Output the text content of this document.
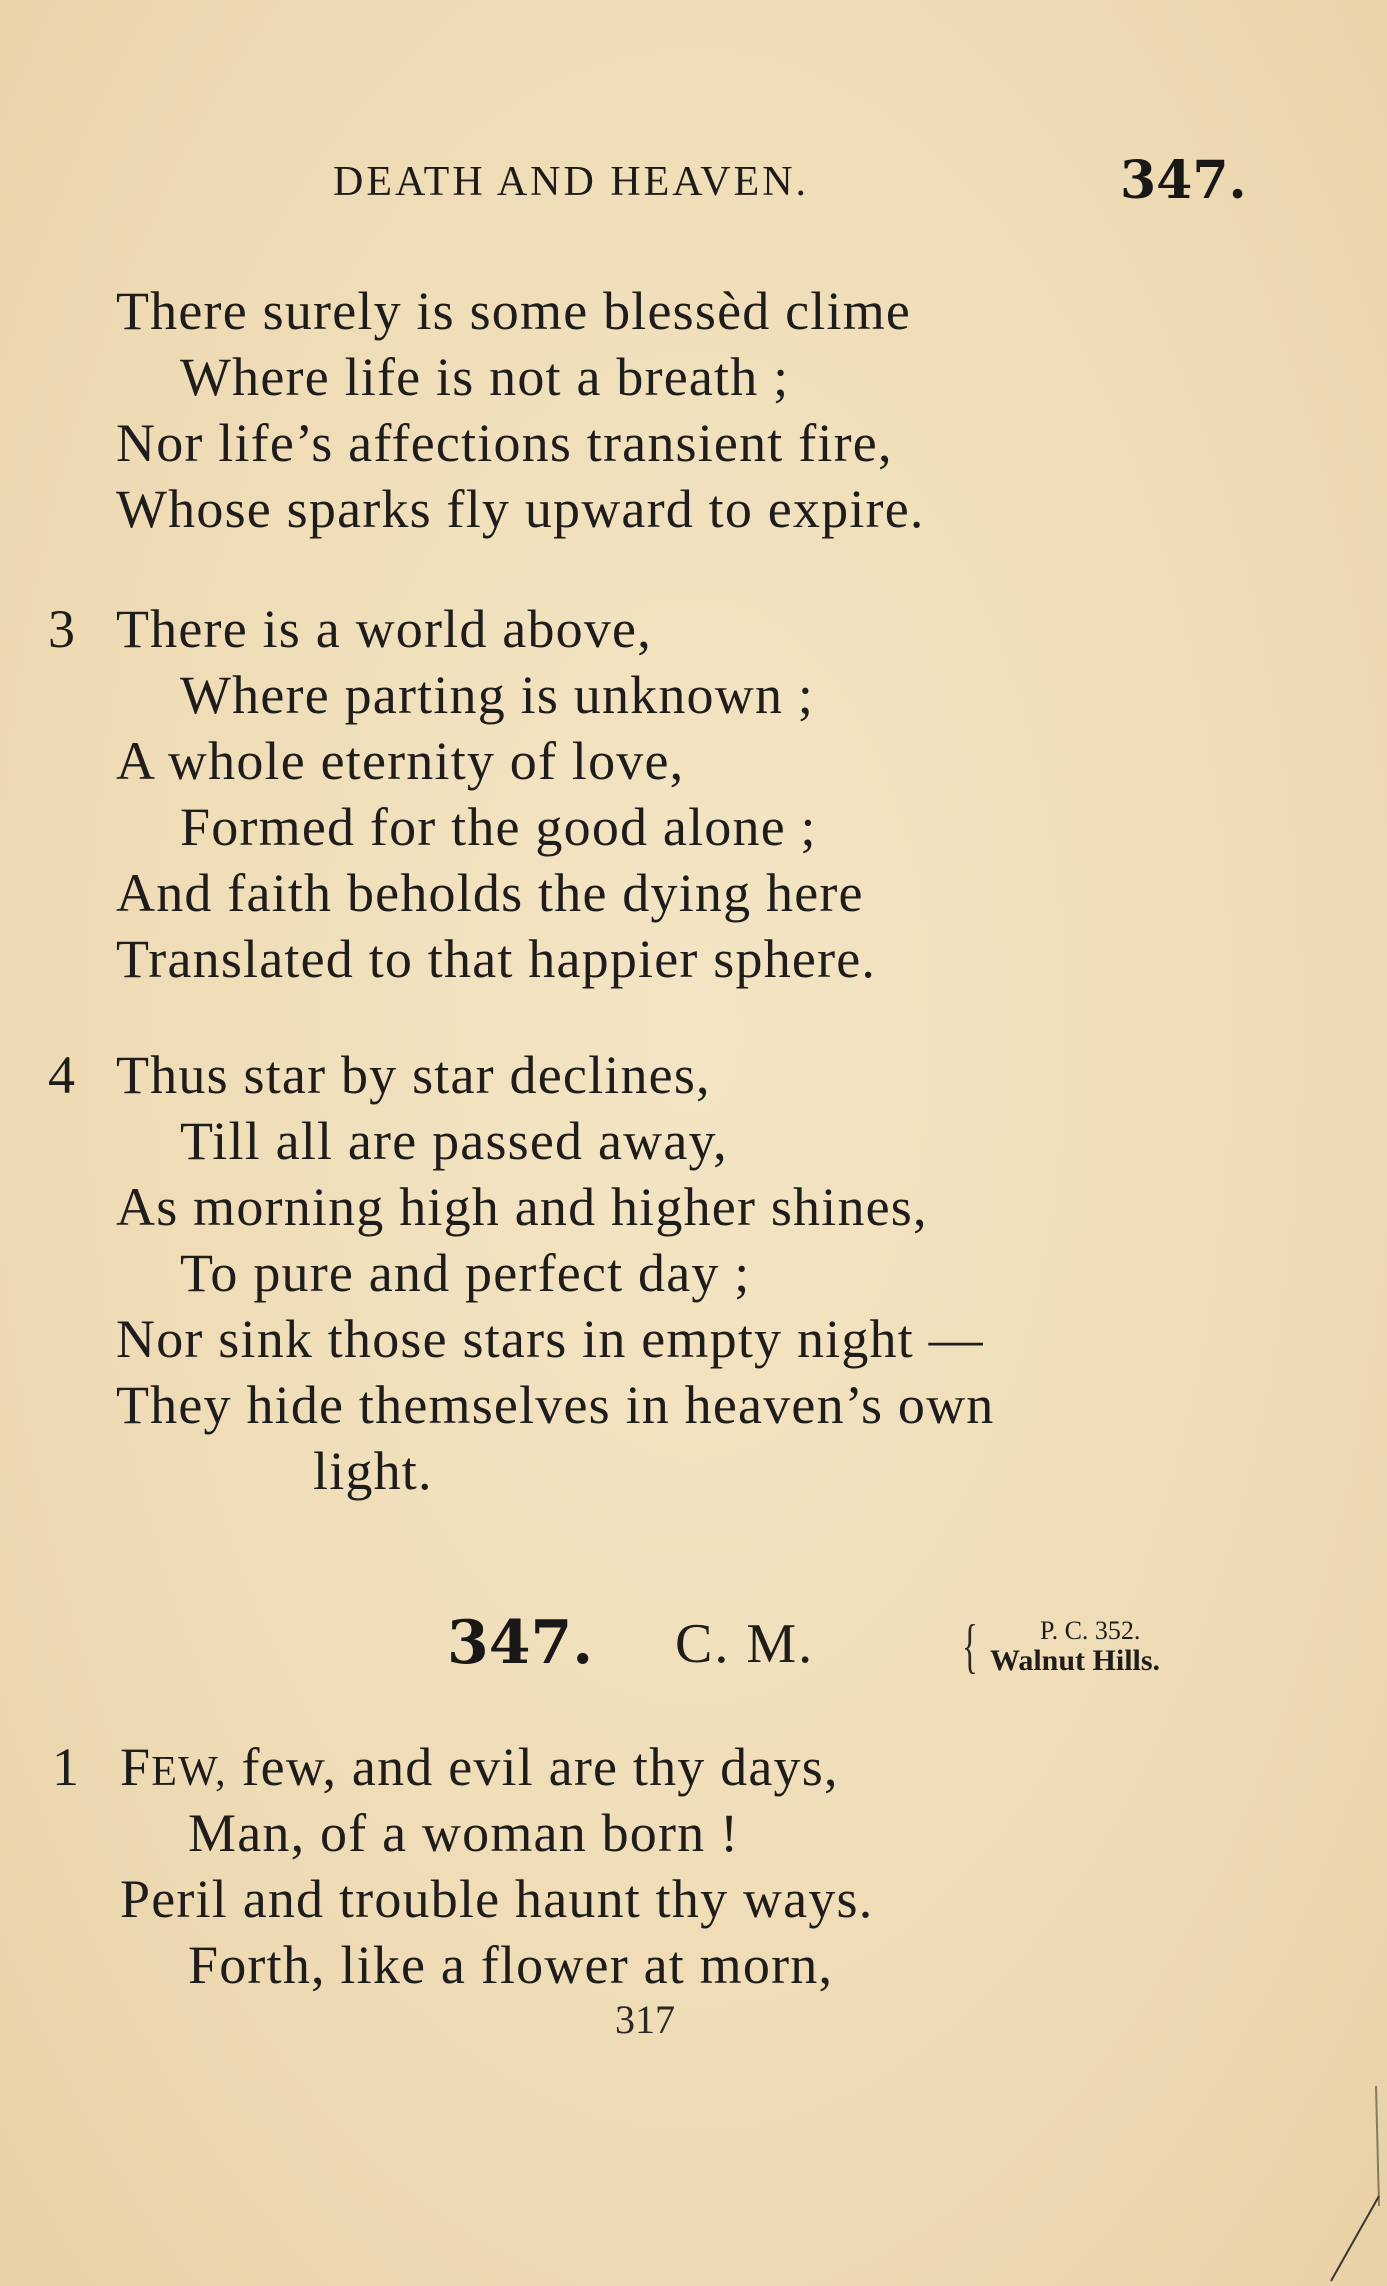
DEATH AND HEAVEN.	347.
There surely is some blessèd clime
Where life is not a breath ;
Nor life’s affections transient fire,
Whose sparks fly upward to expire.
3 There is a world above,
Where parting is unknown ;
A whole eternity of love,
Formed for the good alone ;
And faith beholds the dying here
Translated to that happier sphere.
4 Thus star by star declines,
Till all are passed away,
As morning high and higher shines,
To pure and perfect day ;
Nor sink those stars in empty night —
They hide themselves in heaven’s own
light.
347. C. M. { P. C. 352.
Walnut Hills.
1 FEW, few, and evil are thy days,
Man, of a woman born !
Peril and trouble haunt thy ways.
Forth, like a flower at morn,
317
